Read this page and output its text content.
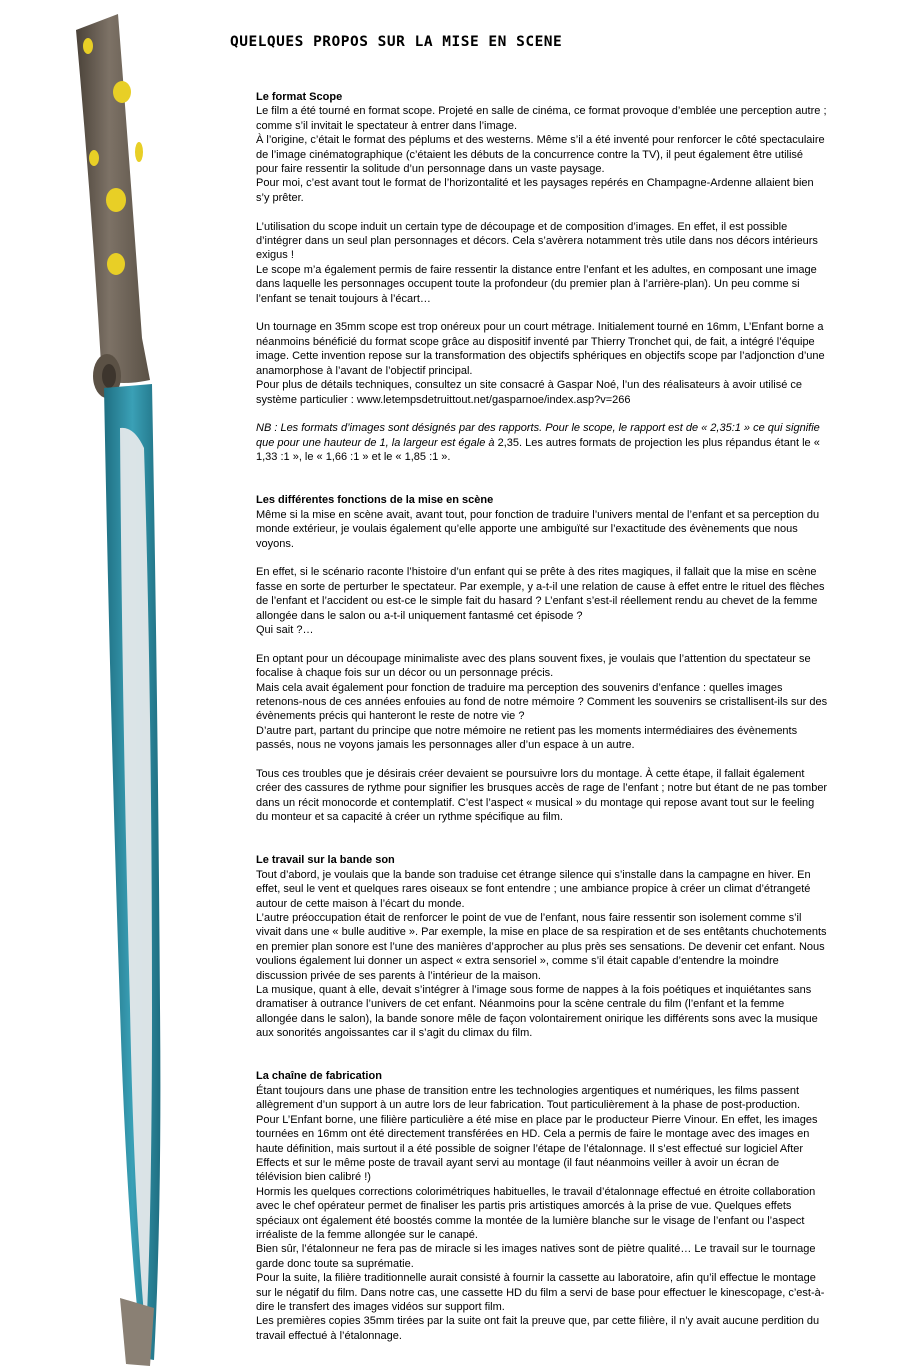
QUELQUES PROPOS SUR LA MISE EN SCENE
Le format Scope

Le film a été tourné en format scope. Projeté en salle de cinéma, ce format provoque d’emblée une perception autre ; comme s’il invitait le spectateur à entrer dans l’image.

À l’origine, c’était le format des péplums et des westerns. Même s’il a été inventé pour renforcer le côté spectaculaire de l’image cinématographique (c’étaient les débuts de la concurrence contre la TV), il peut également être utilisé pour faire ressentir la solitude d’un personnage dans un vaste paysage.

Pour moi, c’est avant tout le format de l’horizontalité et les paysages repérés en Champagne-Ardenne allaient bien s’y prêter.

L’utilisation du scope induit un certain type de découpage et de composition d’images. En effet, il est possible d’intégrer dans un seul plan personnages et décors. Cela s’avèrera notamment très utile dans nos décors intérieurs exigus !

Le scope m’a également permis de faire ressentir la distance entre l’enfant et les adultes, en composant une image dans laquelle les personnages occupent toute la profondeur (du premier plan à l’arrière-plan). Un peu comme si l’enfant se tenait toujours à l’écart…

Un tournage en 35mm scope est trop onéreux pour un court métrage. Initialement tourné en 16mm, L’Enfant borne a néanmoins bénéficié du format scope grâce au dispositif inventé par Thierry Tronchet qui, de fait, a intégré l’équipe image. Cette invention repose sur la transformation des objectifs sphériques en objectifs scope par l’adjonction d’une anamorphose à l’avant de l’objectif principal.

Pour plus de détails techniques, consultez un site consacré à Gaspar Noé, l’un des réalisateurs à avoir utilisé ce système particulier : www.letempsdetruittout.net/gasparnoe/index.asp?v=266

NB : Les formats d’images sont désignés par des rapports. Pour le scope, le rapport est de « 2,35:1 » ce qui signifie que pour une hauteur de 1, la largeur est égale à 2,35. Les autres formats de projection les plus répandus étant le « 1,33 :1 », le « 1,66 :1 » et le « 1,85 :1 ».

Les différentes fonctions de la mise en scène

Même si la mise en scène avait, avant tout, pour fonction de traduire l’univers mental de l’enfant et sa perception du monde extérieur, je voulais également qu’elle apporte une ambiguïté sur l’exactitude des évènements que nous voyons.

En effet, si le scénario raconte l’histoire d’un enfant qui se prête à des rites magiques, il fallait que la mise en scène fasse en sorte de perturber le spectateur. Par exemple, y a-t-il une relation de cause à effet entre le rituel des flèches de l’enfant et l’accident ou est-ce le simple fait du hasard ? L’enfant s’est-il réellement rendu au chevet de la femme allongée dans le salon ou a-t-il uniquement fantasmé cet épisode ?

Qui sait ?…

En optant pour un découpage minimaliste avec des plans souvent fixes, je voulais que l’attention du spectateur se focalise à chaque fois sur un décor ou un personnage précis.

Mais cela avait également pour fonction de traduire ma perception des souvenirs d’enfance : quelles images retenons-nous de ces années enfouies au fond de notre mémoire ? Comment les souvenirs se cristallisent-ils sur des évènements précis qui hanteront le reste de notre vie ?

D’autre part, partant du principe que notre mémoire ne retient pas les moments intermédiaires des évènements passés, nous ne voyons jamais les personnages aller d’un espace à un autre.

Tous ces troubles que je désirais créer devaient se poursuivre lors du montage. À cette étape, il fallait également créer des cassures de rythme pour signifier les brusques accès de rage de l’enfant ; notre but étant de ne pas tomber dans un récit monocorde et contemplatif. C’est l’aspect « musical » du montage qui repose avant tout sur le feeling du monteur et sa capacité à créer un rythme spécifique au film.

Le travail sur la bande son

Tout d’abord, je voulais que la bande son traduise cet étrange silence qui s’installe dans la campagne en hiver. En effet, seul le vent et quelques rares oiseaux se font entendre ; une ambiance propice à créer un climat d’étrangeté autour de cette maison à l’écart du monde.

L’autre préoccupation était de renforcer le point de vue de l’enfant, nous faire ressentir son isolement comme s’il vivait dans une « bulle auditive ». Par exemple, la mise en place de sa respiration et de ses entêtants chuchotements en premier plan sonore est l’une des manières d’approcher au plus près ses sensations. De devenir cet enfant. Nous voulions également lui donner un aspect « extra sensoriel », comme s’il était capable d’entendre la moindre discussion privée de ses parents à l’intérieur de la maison.

La musique, quant à elle, devait s’intégrer à l’image sous forme de nappes à la fois poétiques et inquiétantes sans dramatiser à outrance l’univers de cet enfant. Néanmoins pour la scène centrale du film (l’enfant et la femme allongée dans le salon), la bande sonore mêle de façon volontairement onirique les différents sons avec la musique aux sonorités angoissantes car il s’agit du climax du film.

La chaîne de fabrication

Étant toujours dans une phase de transition entre les technologies argentiques et numériques, les films passent allègrement d’un support à un autre lors de leur fabrication. Tout particulièrement à la phase de post-production.

Pour L’Enfant borne, une filière particulière a été mise en place par le producteur Pierre Vinour. En effet, les images tournées en 16mm ont été directement transférées en HD. Cela a permis de faire le montage avec des images en haute définition, mais surtout il a été possible de soigner l’étape de l’étalonnage. Il s’est effectué sur logiciel After Effects et sur le même poste de travail ayant servi au montage (il faut néanmoins veiller à avoir un écran de télévision bien calibré !)

Hormis les quelques corrections colorimétriques habituelles, le travail d’étalonnage effectué en étroite collaboration avec le chef opérateur permet de finaliser les partis pris artistiques amorcés à la prise de vue. Quelques effets spéciaux ont également été boostés comme la montée de la lumière blanche sur le visage de l’enfant ou l’aspect irréaliste de la femme allongée sur le canapé.

Bien sûr, l’étalonneur ne fera pas de miracle si les images natives sont de piètre qualité… Le travail sur le tournage garde donc toute sa suprématie.

Pour la suite, la filière traditionnelle aurait consisté à fournir la cassette au laboratoire, afin qu’il effectue le montage sur le négatif du film. Dans notre cas, une cassette HD du film a servi de base pour effectuer le kinescopage, c’est-à-dire le transfert des images vidéos sur support film.

Les premières copies 35mm tirées par la suite ont fait la preuve que, par cette filière, il n’y avait aucune perdition du travail effectué à l’étalonnage.
